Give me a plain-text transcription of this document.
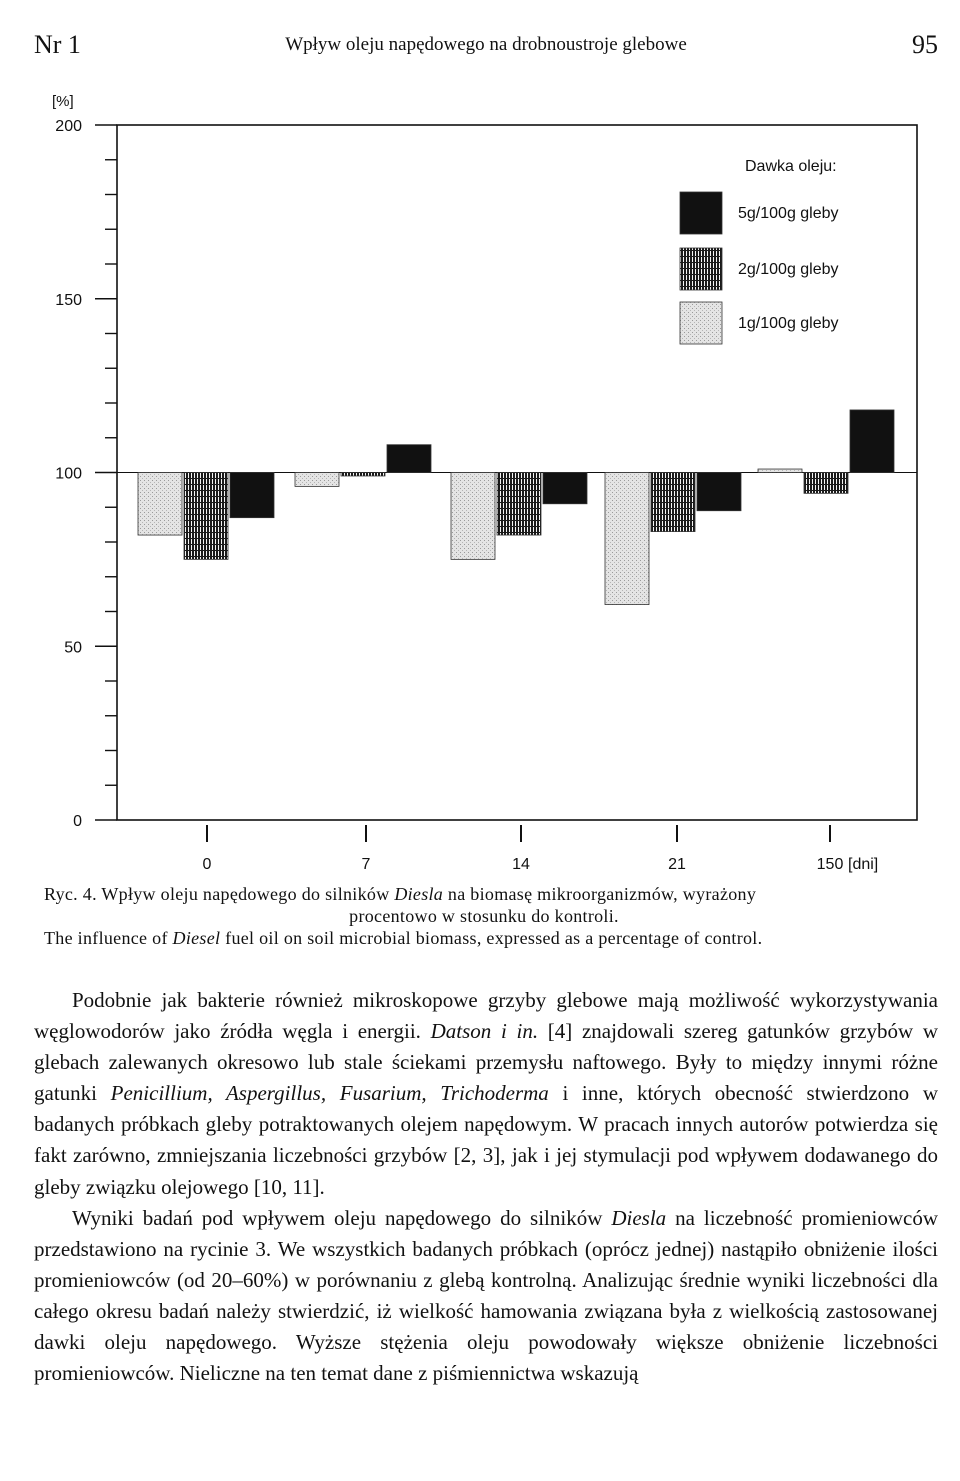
Nr 1	Wpływ oleju napędowego na drobnoustroje glebowe	95
[%]
0
50
100
150
200
0	7	14	21	150 [dni]
Dawka oleju:
5g/100g gleby
2g/100g gleby
1g/100g gleby
Ryc. 4. Wpływ oleju napędowego do silników Diesla na biomasę mikroorganizmów, wyrażony
procentowo w stosunku do kontroli.
The influence of Diesel fuel oil on soil microbial biomass, expressed as a percentage of control.

Podobnie jak bakterie również mikroskopowe grzyby glebowe mają możliwość wykorzystywania węglowodorów jako źródła węgla i energii. Datson i in. [4] znajdowali szereg gatunków grzybów w glebach zalewanych okresowo lub stale ściekami przemysłu naftowego. Były to między innymi różne gatunki Penicillium, Aspergillus, Fusarium, Trichoderma i inne, których obecność stwierdzono w badanych próbkach gleby potraktowanych olejem napędowym. W pracach innych autorów potwierdza się fakt zarówno, zmniejszania liczebności grzybów [2, 3], jak i jej stymulacji pod wpływem dodawanego do gleby związku olejowego [10, 11].

Wyniki badań pod wpływem oleju napędowego do silników Diesla na liczebność promieniowców przedstawiono na rycinie 3. We wszystkich badanych próbkach (oprócz jednej) nastąpiło obniżenie ilości promieniowców (od 20–60%) w porównaniu z glebą kontrolną. Analizując średnie wyniki liczebności dla całego okresu badań należy stwierdzić, iż wielkość hamowania związana była z wielkością zastosowanej dawki oleju napędowego. Wyższe stężenia oleju powodowały większe obniżenie liczebności promieniowców. Nieliczne na ten temat dane z piśmiennictwa wskazują
